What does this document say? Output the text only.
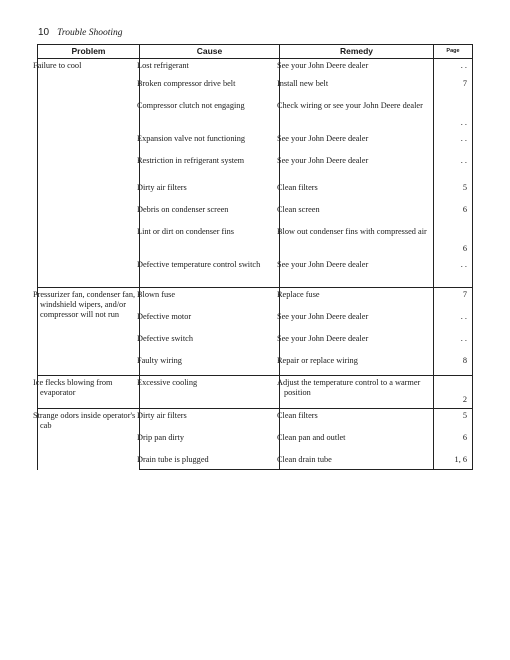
10 Trouble Shooting
Problem	Cause	Remedy	Page
Failure to cool	Lost refrigerant	See your John Deere dealer	. .
	Broken compressor drive belt	Install new belt	7
	Compressor clutch not engaging	Check wiring or see your John Deere dealer	. .
	Expansion valve not functioning	See your John Deere dealer	. .
	Restriction in refrigerant system	See your John Deere dealer	. .
	Dirty air filters	Clean filters	5
	Debris on condenser screen	Clean screen	6
	Lint or dirt on condenser fins	Blow out condenser fins with compressed air	6
	Defective temperature control switch	See your John Deere dealer	. .
Pressurizer fan, condenser fan, windshield wipers, and/or compressor will not run	Blown fuse	Replace fuse	7
	Defective motor	See your John Deere dealer	. .
	Defective switch	See your John Deere dealer	. .
	Faulty wiring	Repair or replace wiring	8
Ice flecks blowing from evaporator	Excessive cooling	Adjust the temperature control to a warmer position	2
Strange odors inside operator's cab	Dirty air filters	Clean filters	5
	Drip pan dirty	Clean pan and outlet	6
	Drain tube is plugged	Clean drain tube	1, 6
